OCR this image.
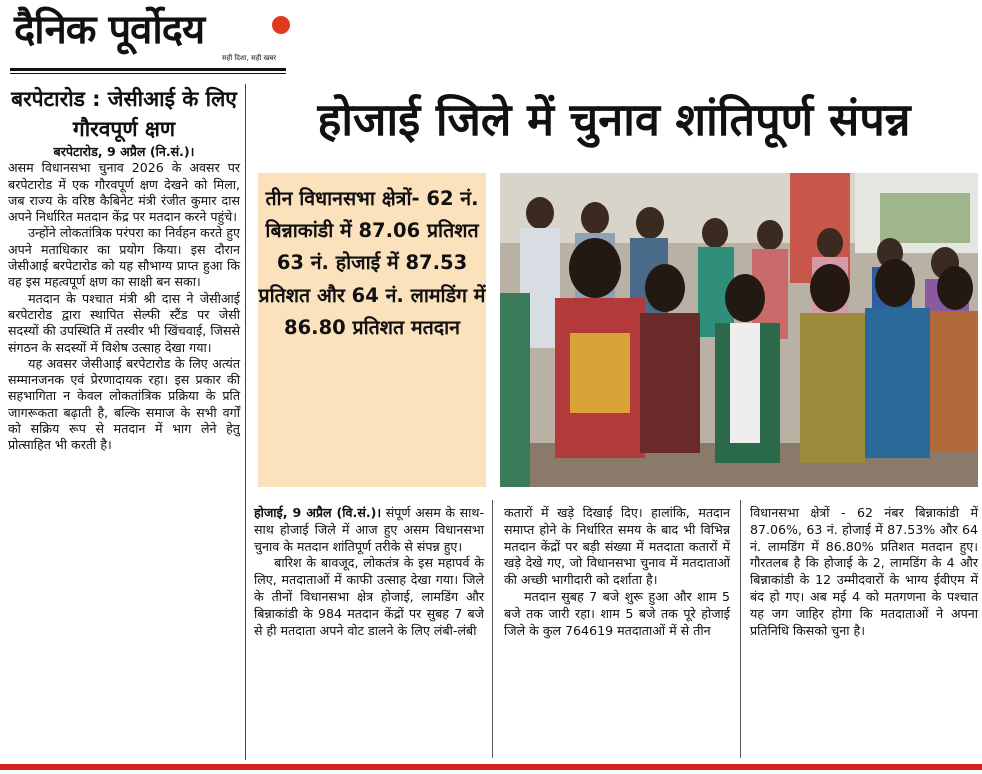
दैनिक पूर्वोदय
सही दिशा, सही खबर
बरपेटारोड : जेसीआई के लिए गौरवपूर्ण क्षण

बरपेटारोड, 9 अप्रैल (नि.सं.)।

असम विधानसभा चुनाव 2026 के अवसर पर बरपेटारोड में एक गौरवपूर्ण क्षण देखने को मिला, जब राज्य के वरिष्ठ कैबिनेट मंत्री रंजीत कुमार दास अपने निर्धारित मतदान केंद्र पर मतदान करने पहुंचे।

उन्होंने लोकतांत्रिक परंपरा का निर्वहन करते हुए अपने मताधिकार का प्रयोग किया। इस दौरान जेसीआई बरपेटारोड को यह सौभाग्य प्राप्त हुआ कि वह इस महत्वपूर्ण क्षण का साक्षी बन सका।

मतदान के पश्चात मंत्री श्री दास ने जेसीआई बरपेटारोड द्वारा स्थापित सेल्फी स्टैंड पर जेसी सदस्यों की उपस्थिति में तस्वीर भी खिंचवाई, जिससे संगठन के सदस्यों में विशेष उत्साह देखा गया।

यह अवसर जेसीआई बरपेटारोड के लिए अत्यंत सम्मानजनक एवं प्रेरणादायक रहा। इस प्रकार की सहभागिता न केवल लोकतांत्रिक प्रक्रिया के प्रति जागरूकता बढ़ाती है, बल्कि समाज के सभी वर्गों को सक्रिय रूप से मतदान में भाग लेने हेतु प्रोत्साहित भी करती है।

होजाई जिले में चुनाव शांतिपूर्ण संपन्न
तीन विधानसभा क्षेत्रों- 62 नं. बिन्नाकांडी में 87.06 प्रतिशत 63 नं. होजाई में 87.53 प्रतिशत और 64 नं. लामडिंग में 86.80 प्रतिशत मतदान

होजाई, 9 अप्रैल (वि.सं.)। संपूर्ण असम के साथ-साथ होजाई जिले में आज हुए असम विधानसभा चुनाव के मतदान शांतिपूर्ण तरीके से संपन्न हुए।

बारिश के बावजूद, लोकतंत्र के इस महापर्व के लिए, मतदाताओं में काफी उत्साह देखा गया। जिले के तीनों विधानसभा क्षेत्र होजाई, लामडिंग और बिन्नाकांडी के 984 मतदान केंद्रों पर सुबह 7 बजे से ही मतदाता अपने वोट डालने के लिए लंबी-लंबी

कतारों में खड़े दिखाई दिए। हालांकि, मतदान समाप्त होने के निर्धारित समय के बाद भी विभिन्न मतदान केंद्रों पर बड़ी संख्या में मतदाता कतारों में खड़े देखे गए, जो विधानसभा चुनाव में मतदाताओं की अच्छी भागीदारी को दर्शाता है।

मतदान सुबह 7 बजे शुरू हुआ और शाम 5 बजे तक जारी रहा। शाम 5 बजे तक पूरे होजाई जिले के कुल 764619 मतदाताओं में से तीन

विधानसभा क्षेत्रों - 62 नंबर बिन्नाकांडी में 87.06%, 63 नं. होजाई में 87.53% और 64 नं. लामडिंग में 86.80% प्रतिशत मतदान हुए। गौरतलब है कि होजाई के 2, लामडिंग के 4 और बिन्नाकांडी के 12 उम्मीदवारों के भाग्य ईवीएम में बंद हो गए। अब मई 4 को मतगणना के पश्चात यह जग जाहिर होगा कि मतदाताओं ने अपना प्रतिनिधि किसको चुना है।
